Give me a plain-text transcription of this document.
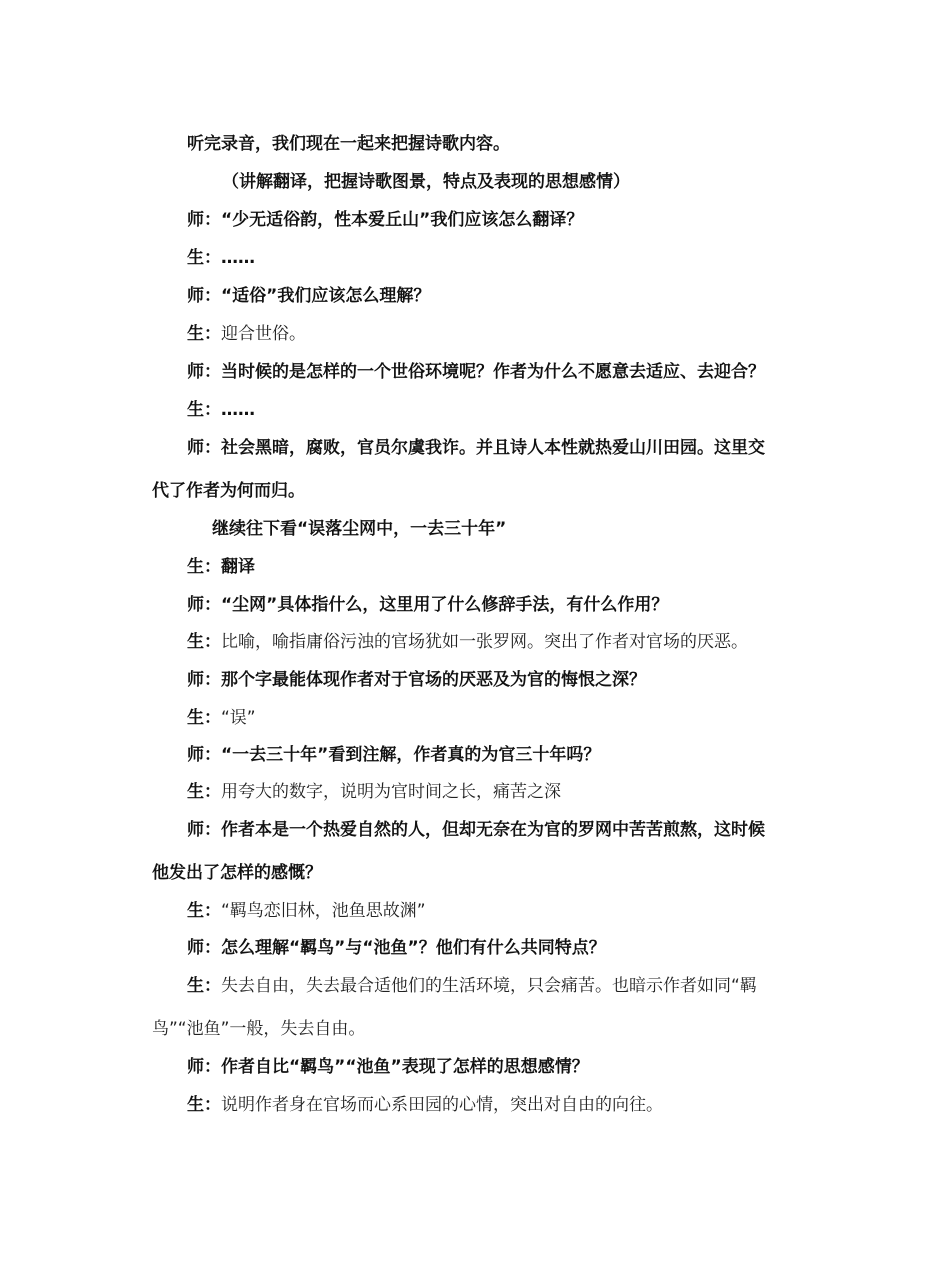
听完录音，我们现在一起来把握诗歌内容。
（讲解翻译，把握诗歌图景，特点及表现的思想感情）
师：“少无适俗韵，性本爱丘山”我们应该怎么翻译？
生：……
师：“适俗”我们应该怎么理解？
生：迎合世俗。
师：当时候的是怎样的一个世俗环境呢？作者为什么不愿意去适应、去迎合？
生：……
师：社会黑暗，腐败，官员尔虞我诈。并且诗人本性就热爱山川田园。这里交
代了作者为何而归。
继续往下看“误落尘网中，一去三十年”
生：翻译
师：“尘网”具体指什么，这里用了什么修辞手法，有什么作用？
生：比喻，喻指庸俗污浊的官场犹如一张罗网。突出了作者对官场的厌恶。
师：那个字最能体现作者对于官场的厌恶及为官的悔恨之深？
生：“误”
师：“一去三十年”看到注解，作者真的为官三十年吗？
生：用夸大的数字，说明为官时间之长，痛苦之深
师：作者本是一个热爱自然的人，但却无奈在为官的罗网中苦苦煎熬，这时候
他发出了怎样的感慨？
生：“羁鸟恋旧林，池鱼思故渊”
师：怎么理解“羁鸟”与“池鱼”？他们有什么共同特点？
生：失去自由，失去最合适他们的生活环境，只会痛苦。也暗示作者如同“羁
鸟”“池鱼”一般，失去自由。
师：作者自比“羁鸟”“池鱼”表现了怎样的思想感情？
生：说明作者身在官场而心系田园的心情，突出对自由的向往。
